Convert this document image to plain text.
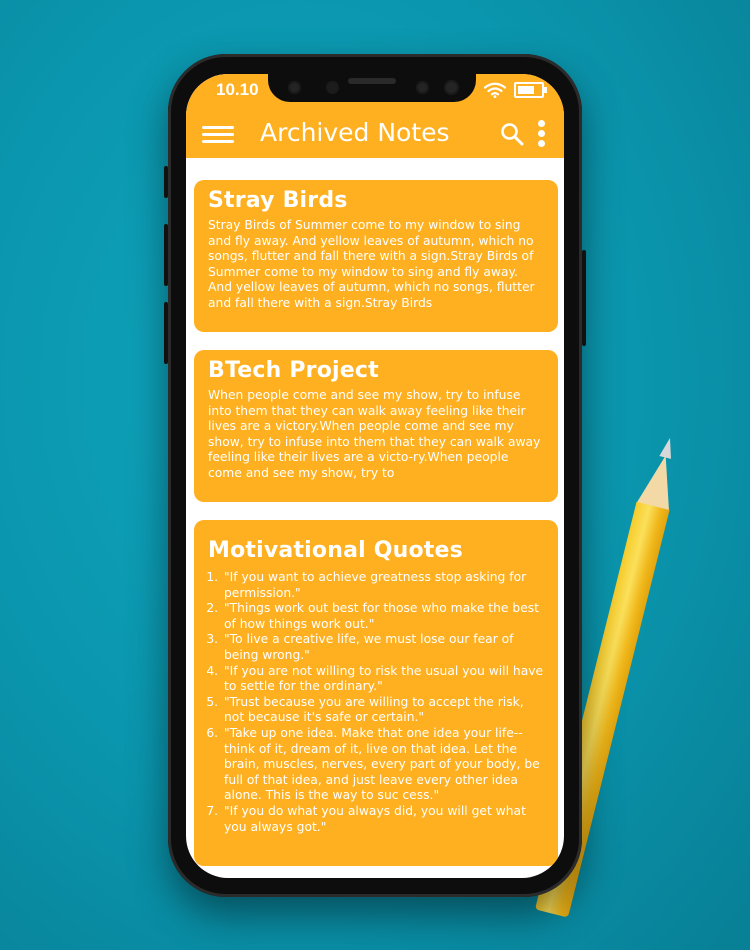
10.10
Archived Notes
Stray Birds

Stray Birds of Summer come to my window to sing and fly away. And yellow leaves of autumn, which no songs, flutter and fall there with a sign.Stray Birds of Summer come to my window to sing and fly away. And yellow leaves of autumn, which no songs, flutter and fall there with a sign.Stray Birds

BTech Project

When people come and see my show, try to infuse into them that they can walk away feeling like their lives are a victory.When people come and see my show, try to infuse into them that they can walk away feeling like their lives are a victo-ry.When people come and see my show, try to

Motivational Quotes
1. "If you want to achieve greatness stop asking for permission."
2. "Things work out best for those who make the best of how things work out."
3. "To live a creative life, we must lose our fear of being wrong."
4. "If you are not willing to risk the usual you will have to settle for the ordinary."
5. "Trust because you are willing to accept the risk, not because it's safe or certain."
6. "Take up one idea. Make that one idea your life--think of it, dream of it, live on that idea. Let the brain, muscles, nerves, every part of your body, be full of that idea, and just leave every other idea alone. This is the way to suc cess."
7. "If you do what you always did, you will get what you always got."
